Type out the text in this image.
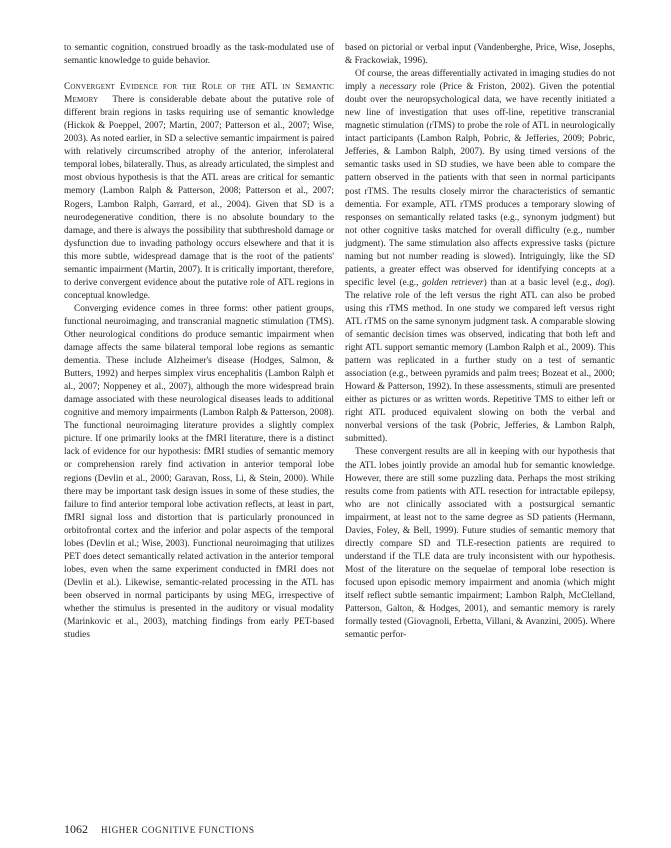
to semantic cognition, construed broadly as the task-modulated use of semantic knowledge to guide behavior.

Convergent Evidence for the Role of the ATL in Semantic Memory There is considerable debate about the putative role of different brain regions in tasks requiring use of semantic knowledge (Hickok & Poeppel, 2007; Martin, 2007; Patterson et al., 2007; Wise, 2003). As noted earlier, in SD a selective semantic impairment is paired with relatively circumscribed atrophy of the anterior, inferolateral temporal lobes, bilaterally. Thus, as already articulated, the simplest and most obvious hypothesis is that the ATL areas are critical for semantic memory (Lambon Ralph & Patterson, 2008; Patterson et al., 2007; Rogers, Lambon Ralph, Garrard, et al., 2004). Given that SD is a neurodegenerative condition, there is no absolute boundary to the damage, and there is always the possibility that subthreshold damage or dysfunction due to invading pathology occurs elsewhere and that it is this more subtle, widespread damage that is the root of the patients' semantic impairment (Martin, 2007). It is critically important, therefore, to derive convergent evidence about the putative role of ATL regions in conceptual knowledge.

Converging evidence comes in three forms: other patient groups, functional neuroimaging, and transcranial magnetic stimulation (TMS). Other neurological conditions do produce semantic impairment when damage affects the same bilateral temporal lobe regions as semantic dementia. These include Alzheimer's disease (Hodges, Salmon, & Butters, 1992) and herpes simplex virus encephalitis (Lambon Ralph et al., 2007; Noppeney et al., 2007), although the more widespread brain damage associated with these neurological diseases leads to additional cognitive and memory impairments (Lambon Ralph & Patterson, 2008). The functional neuroimaging literature provides a slightly complex picture. If one primarily looks at the fMRI literature, there is a distinct lack of evidence for our hypothesis: fMRI studies of semantic memory or comprehension rarely find activation in anterior temporal lobe regions (Devlin et al., 2000; Garavan, Ross, Li, & Stein, 2000). While there may be important task design issues in some of these studies, the failure to find anterior temporal lobe activation reflects, at least in part, fMRI signal loss and distortion that is particularly pronounced in orbitofrontal cortex and the inferior and polar aspects of the temporal lobes (Devlin et al.; Wise, 2003). Functional neuroimaging that utilizes PET does detect semantically related activation in the anterior temporal lobes, even when the same experiment conducted in fMRI does not (Devlin et al.). Likewise, semantic-related processing in the ATL has been observed in normal participants by using MEG, irrespective of whether the stimulus is presented in the auditory or visual modality (Marinkovic et al., 2003), matching findings from early PET-based studies

based on pictorial or verbal input (Vandenberghe, Price, Wise, Josephs, & Frackowiak, 1996).

Of course, the areas differentially activated in imaging studies do not imply a necessary role (Price & Friston, 2002). Given the potential doubt over the neuropsychological data, we have recently initiated a new line of investigation that uses off-line, repetitive transcranial magnetic stimulation (rTMS) to probe the role of ATL in neurologically intact participants (Lambon Ralph, Pobric, & Jefferies, 2009; Pobric, Jefferies, & Lambon Ralph, 2007). By using timed versions of the semantic tasks used in SD studies, we have been able to compare the pattern observed in the patients with that seen in normal participants post rTMS. The results closely mirror the characteristics of semantic dementia. For example, ATL rTMS produces a temporary slowing of responses on semantically related tasks (e.g., synonym judgment) but not other cognitive tasks matched for overall difficulty (e.g., number judgment). The same stimulation also affects expressive tasks (picture naming but not number reading is slowed). Intriguingly, like the SD patients, a greater effect was observed for identifying concepts at a specific level (e.g., golden retriever) than at a basic level (e.g., dog). The relative role of the left versus the right ATL can also be probed using this rTMS method. In one study we compared left versus right ATL rTMS on the same synonym judgment task. A comparable slowing of semantic decision times was observed, indicating that both left and right ATL support semantic memory (Lambon Ralph et al., 2009). This pattern was replicated in a further study on a test of semantic association (e.g., between pyramids and palm trees; Bozeat et al., 2000; Howard & Patterson, 1992). In these assessments, stimuli are presented either as pictures or as written words. Repetitive TMS to either left or right ATL produced equivalent slowing on both the verbal and nonverbal versions of the task (Pobric, Jefferies, & Lambon Ralph, submitted).

These convergent results are all in keeping with our hypothesis that the ATL lobes jointly provide an amodal hub for semantic knowledge. However, there are still some puzzling data. Perhaps the most striking results come from patients with ATL resection for intractable epilepsy, who are not clinically associated with a postsurgical semantic impairment, at least not to the same degree as SD patients (Hermann, Davies, Foley, & Bell, 1999). Future studies of semantic memory that directly compare SD and TLE-resection patients are required to understand if the TLE data are truly inconsistent with our hypothesis. Most of the literature on the sequelae of temporal lobe resection is focused upon episodic memory impairment and anomia (which might itself reflect subtle semantic impairment; Lambon Ralph, McClelland, Patterson, Galton, & Hodges, 2001), and semantic memory is rarely formally tested (Giovagnoli, Erbetta, Villani, & Avanzini, 2005). Where semantic perfor-

1062 HIGHER COGNITIVE FUNCTIONS
